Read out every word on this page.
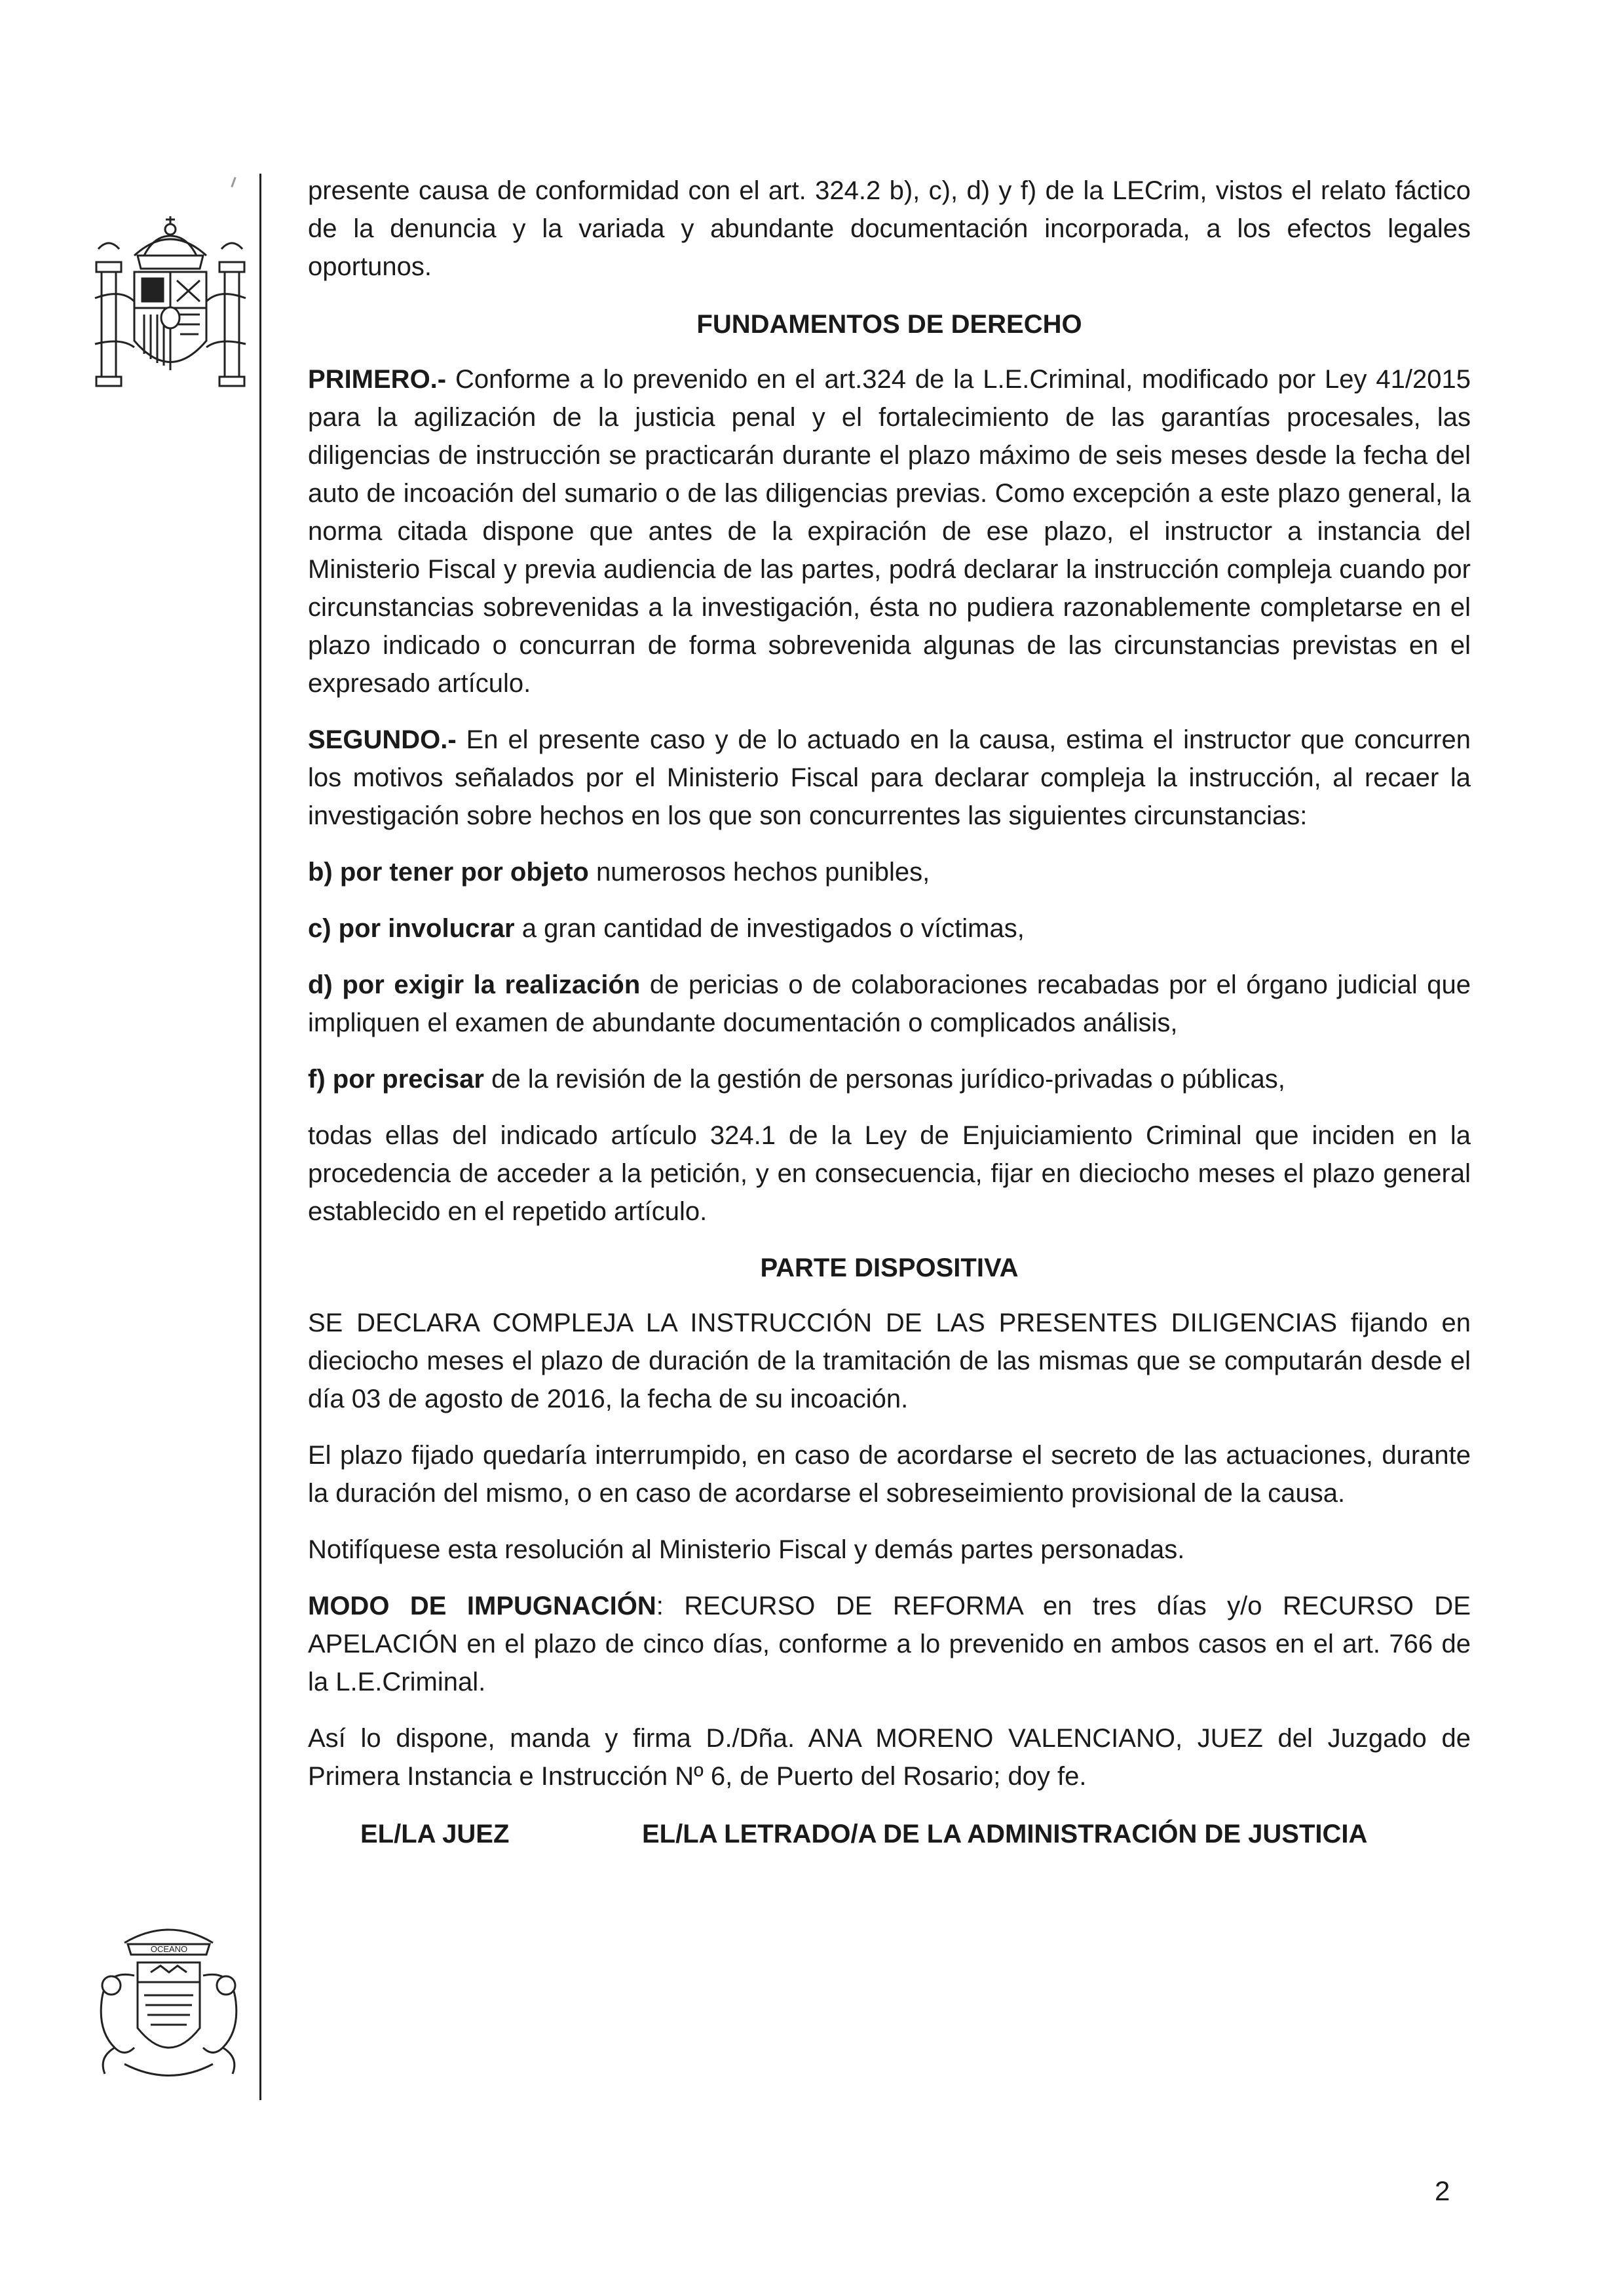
OCEANO

presente causa de conformidad con el art. 324.2 b), c), d) y f) de la LECrim, vistos el relato fáctico de la denuncia y la variada y abundante documentación incorporada, a los efectos legales oportunos.

FUNDAMENTOS DE DERECHO

PRIMERO.- Conforme a lo prevenido en el art.324 de la L.E.Criminal, modificado por Ley 41/2015 para la agilización de la justicia penal y el fortalecimiento de las garantías procesales, las diligencias de instrucción se practicarán durante el plazo máximo de seis meses desde la fecha del auto de incoación del sumario o de las diligencias previas. Como excepción a este plazo general, la norma citada dispone que antes de la expiración de ese plazo, el instructor a instancia del Ministerio Fiscal y previa audiencia de las partes, podrá declarar la instrucción compleja cuando por circunstancias sobrevenidas a la investigación, ésta no pudiera razonablemente completarse en el plazo indicado o concurran de forma sobrevenida algunas de las circunstancias previstas en el expresado artículo.

SEGUNDO.- En el presente caso y de lo actuado en la causa, estima el instructor que concurren los motivos señalados por el Ministerio Fiscal para declarar compleja la instrucción, al recaer la investigación sobre hechos en los que son concurrentes las siguientes circunstancias:

b) por tener por objeto numerosos hechos punibles,

c) por involucrar a gran cantidad de investigados o víctimas,

d) por exigir la realización de pericias o de colaboraciones recabadas por el órgano judicial que impliquen el examen de abundante documentación o complicados análisis,

f) por precisar de la revisión de la gestión de personas jurídico-privadas o públicas,

todas ellas del indicado artículo 324.1 de la Ley de Enjuiciamiento Criminal que inciden en la procedencia de acceder a la petición, y en consecuencia, fijar en dieciocho meses el plazo general establecido en el repetido artículo.

PARTE DISPOSITIVA

SE DECLARA COMPLEJA LA INSTRUCCIÓN DE LAS PRESENTES DILIGENCIAS fijando en dieciocho meses el plazo de duración de la tramitación de las mismas que se computarán desde el día 03 de agosto de 2016, la fecha de su incoación.

El plazo fijado quedaría interrumpido, en caso de acordarse el secreto de las actuaciones, durante la duración del mismo, o en caso de acordarse el sobreseimiento provisional de la causa.

Notifíquese esta resolución al Ministerio Fiscal y demás partes personadas.

MODO DE IMPUGNACIÓN: RECURSO DE REFORMA en tres días y/o RECURSO DE APELACIÓN en el plazo de cinco días, conforme a lo prevenido en ambos casos en el art. 766 de la L.E.Criminal.

Así lo dispone, manda y firma D./Dña. ANA MORENO VALENCIANO, JUEZ del Juzgado de Primera Instancia e Instrucción Nº 6, de Puerto del Rosario; doy fe.

EL/LA JUEZ	EL/LA LETRADO/A DE LA ADMINISTRACIÓN DE JUSTICIA
2
